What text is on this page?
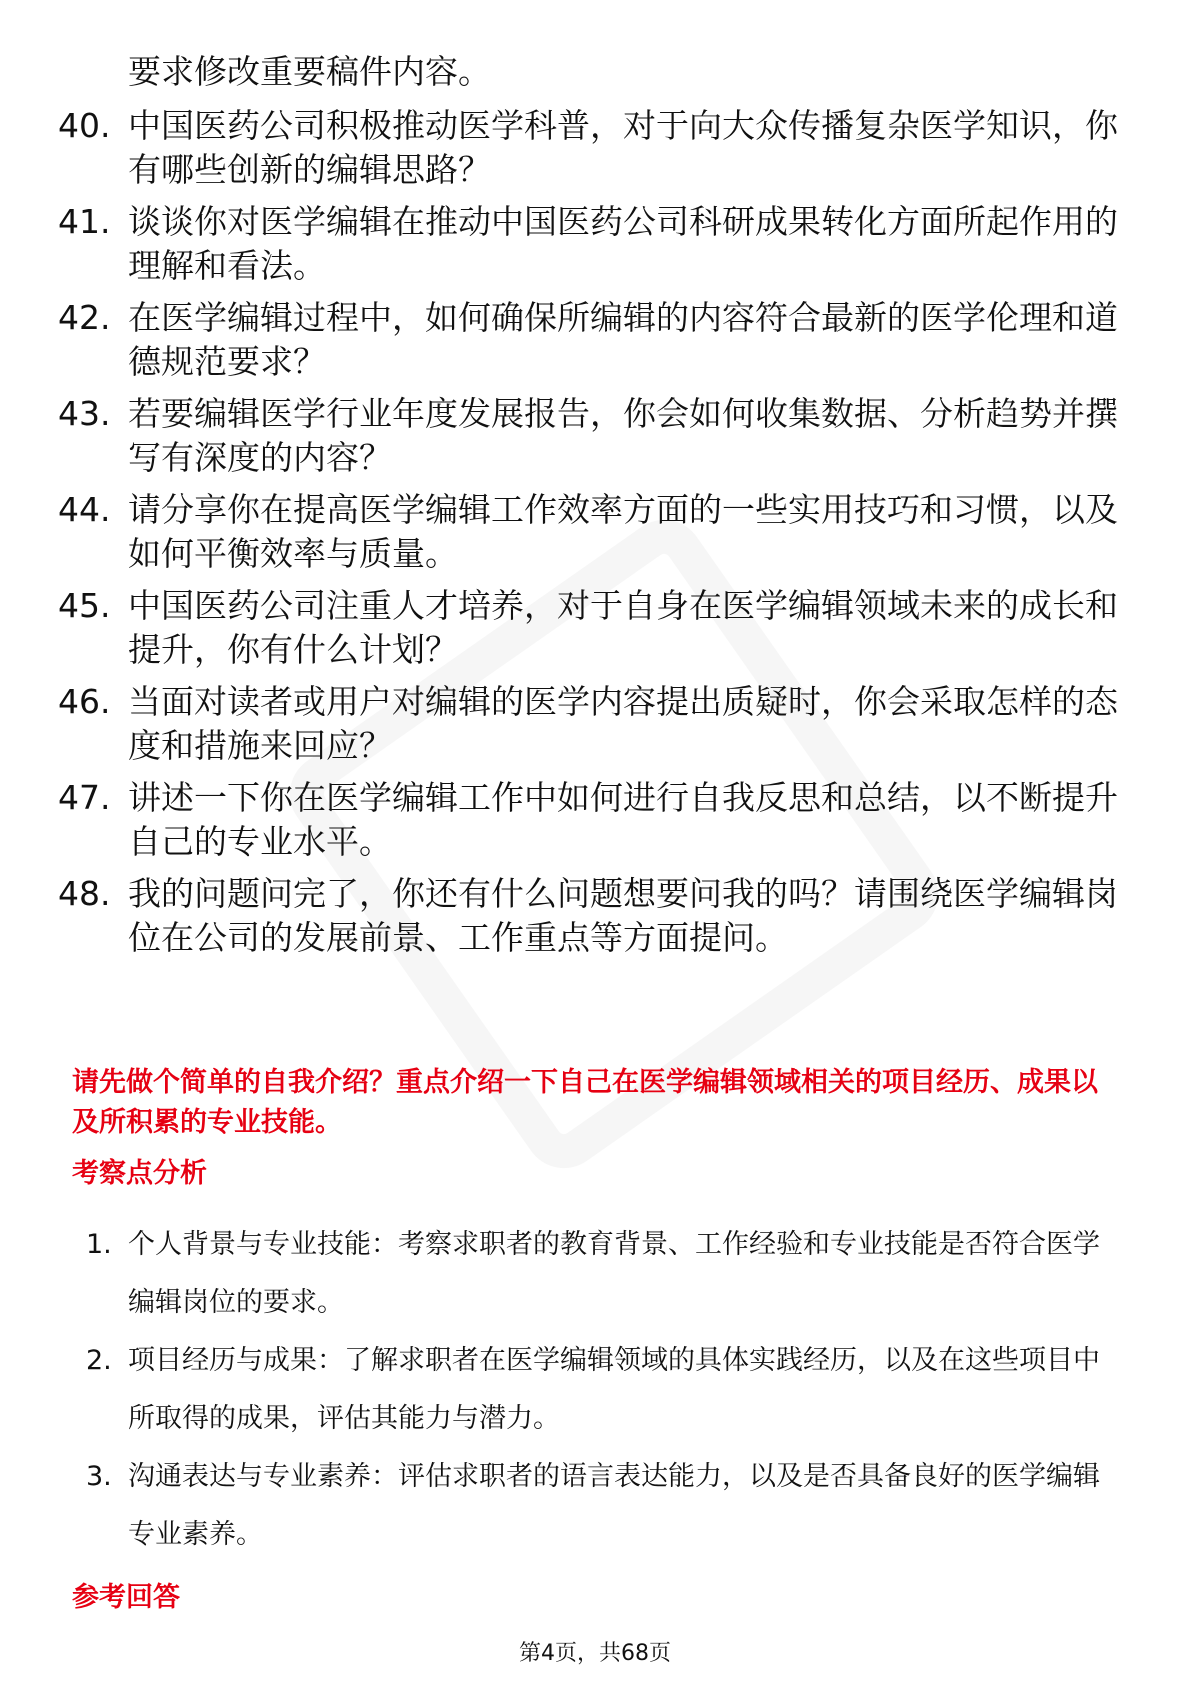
要求修改重要稿件内容。
40. 中国医药公司积极推动医学科普，对于向大众传播复杂医学知识，你有哪些创新的编辑思路？
41. 谈谈你对医学编辑在推动中国医药公司科研成果转化方面所起作用的理解和看法。
42. 在医学编辑过程中，如何确保所编辑的内容符合最新的医学伦理和道德规范要求？
43. 若要编辑医学行业年度发展报告，你会如何收集数据、分析趋势并撰写有深度的内容？
44. 请分享你在提高医学编辑工作效率方面的一些实用技巧和习惯，以及如何平衡效率与质量。
45. 中国医药公司注重人才培养，对于自身在医学编辑领域未来的成长和提升，你有什么计划？
46. 当面对读者或用户对编辑的医学内容提出质疑时，你会采取怎样的态度和措施来回应？
47. 讲述一下你在医学编辑工作中如何进行自我反思和总结，以不断提升自己的专业水平。
48. 我的问题问完了，你还有什么问题想要问我的吗？请围绕医学编辑岗位在公司的发展前景、工作重点等方面提问。
请先做个简单的自我介绍？重点介绍一下自己在医学编辑领域相关的项目经历、成果以及所积累的专业技能。
考察点分析
1. 个人背景与专业技能：考察求职者的教育背景、工作经验和专业技能是否符合医学编辑岗位的要求。
2. 项目经历与成果：了解求职者在医学编辑领域的具体实践经历，以及在这些项目中所取得的成果，评估其能力与潜力。
3. 沟通表达与专业素养：评估求职者的语言表达能力，以及是否具备良好的医学编辑专业素养。
参考回答
第4页，共68页
